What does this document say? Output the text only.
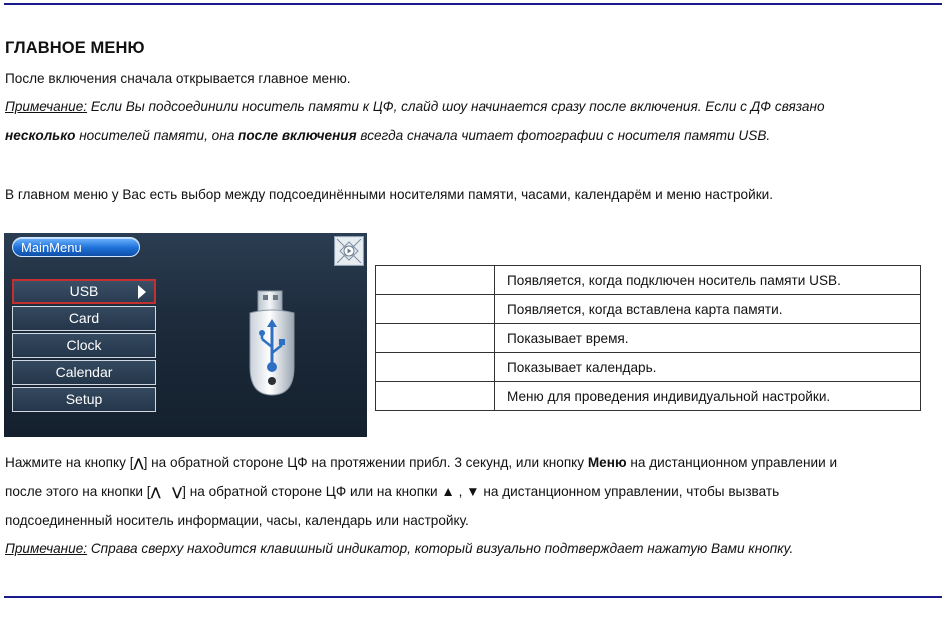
ГЛАВНОЕ МЕНЮ
После включения сначала открывается главное меню.
Примечание: Если Вы подсоединили носитель памяти к ЦФ, слайд шоу начинается сразу после включения. Если с ДФ связано
несколько носителей памяти, она после включения всегда сначала читает фотографии с носителя памяти USB.
В главном меню у Вас есть выбор между подсоединёнными носителями памяти, часами, календарём и меню настройки.
MainMenu
USB
Card
Clock
Calendar
Setup
	Появляется, когда подключен носитель памяти USB.
	Появляется, когда вставлена карта памяти.
	Показывает время.
	Показывает календарь.
	Меню для проведения индивидуальной настройки.
Нажмите на кнопку [⋀] на обратной стороне ЦФ на протяжении прибл. 3 секунд, или кнопку Меню на дистанционном управлении и
после этого на кнопки [⋀ ⋁] на обратной стороне ЦФ или на кнопки ▲ , ▼ на дистанционном управлении, чтобы вызвать
подсоединенный носитель информации, часы, календарь или настройку.
Примечание: Справа сверху находится клавишный индикатор, который визуально подтверждает нажатую Вами кнопку.
